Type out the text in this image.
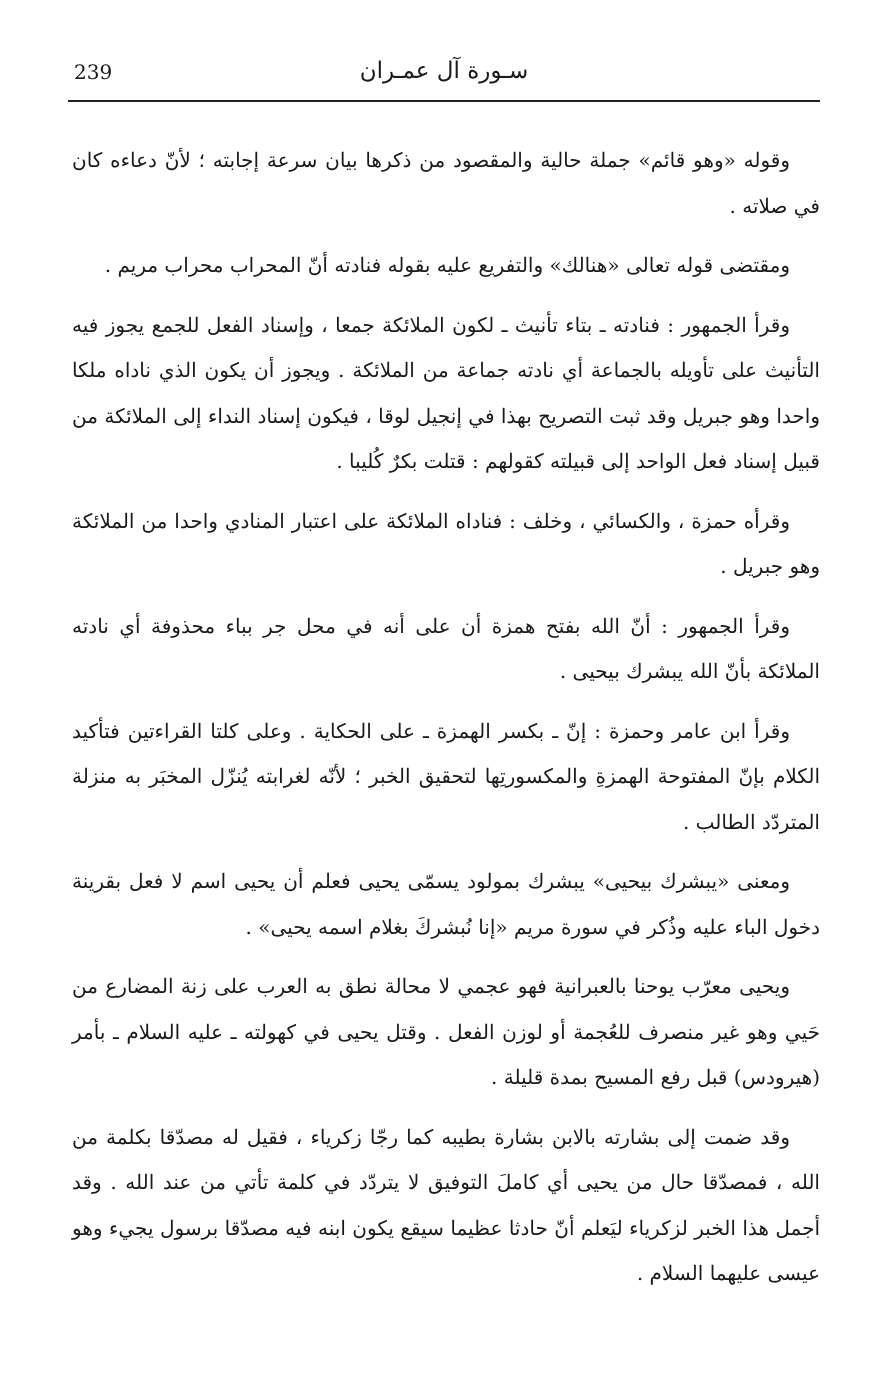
239	سـورة آل عمـران

وقوله «وهو قائم» جملة حالية والمقصود من ذكرها بيان سرعة إجابته ؛ لأنّ دعاءه كان في صلاته .

ومقتضى قوله تعالى «هنالك» والتفريع عليه بقوله فنادته أنّ المحراب محراب مريم .

وقرأ الجمهور : فنادته ـ بتاء تأنيث ـ لكون الملائكة جمعا ، وإسناد الفعل للجمع يجوز فيه التأنيث على تأويله بالجماعة أي نادته جماعة من الملائكة . ويجوز أن يكون الذي ناداه ملكا واحدا وهو جبريل وقد ثبت التصريح بهذا في إنجيل لوقا ، فيكون إسناد النداء إلى الملائكة من قبيل إسناد فعل الواحد إلى قبيلته كقولهم : قتلت بكرٌ كُليبا .

وقرأه حمزة ، والكسائي ، وخلف : فناداه الملائكة على اعتبار المنادي واحدا من الملائكة وهو جبريل .

وقرأ الجمهور : أنّ الله بفتح همزة أن على أنه في محل جر بباء محذوفة أي نادته الملائكة بأنّ الله يبشرك بيحيى .

وقرأ ابن عامر وحمزة : إنّ ـ بكسر الهمزة ـ على الحكاية . وعلى كلتا القراءتين فتأكيد الكلام بإنّ المفتوحة الهمزةِ والمكسورتِها لتحقيق الخبر ؛ لأنّه لغرابته يُنزّل المخبَر به منزلة المتردّد الطالب .

ومعنى «يبشرك بيحيى» يبشرك بمولود يسمّى يحيى فعلم أن يحيى اسم لا فعل بقرينة دخول الباء عليه وذُكر في سورة مريم «إنا نُبشركَ بغلام اسمه يحيى» .

ويحيى معرّب يوحنا بالعبرانية فهو عجمي لا محالة نطق به العرب على زنة المضارع من حَيي وهو غير منصرف للعُجمة أو لوزن الفعل . وقتل يحيى في كهولته ـ عليه السلام ـ بأمر (هيرودس) قبل رفع المسيح بمدة قليلة .

وقد ضمت إلى بشارته بالابن بشارة بطيبه كما رجّا زكرياء ، فقيل له مصدّقا بكلمة من الله ، فمصدّقا حال من يحيى أي كاملَ التوفيق لا يتردّد في كلمة تأتي من عند الله . وقد أجمل هذا الخبر لزكرياء ليَعلم أنّ حادثا عظيما سيقع يكون ابنه فيه مصدّقا برسول يجيء وهو عيسى عليهما السلام .
